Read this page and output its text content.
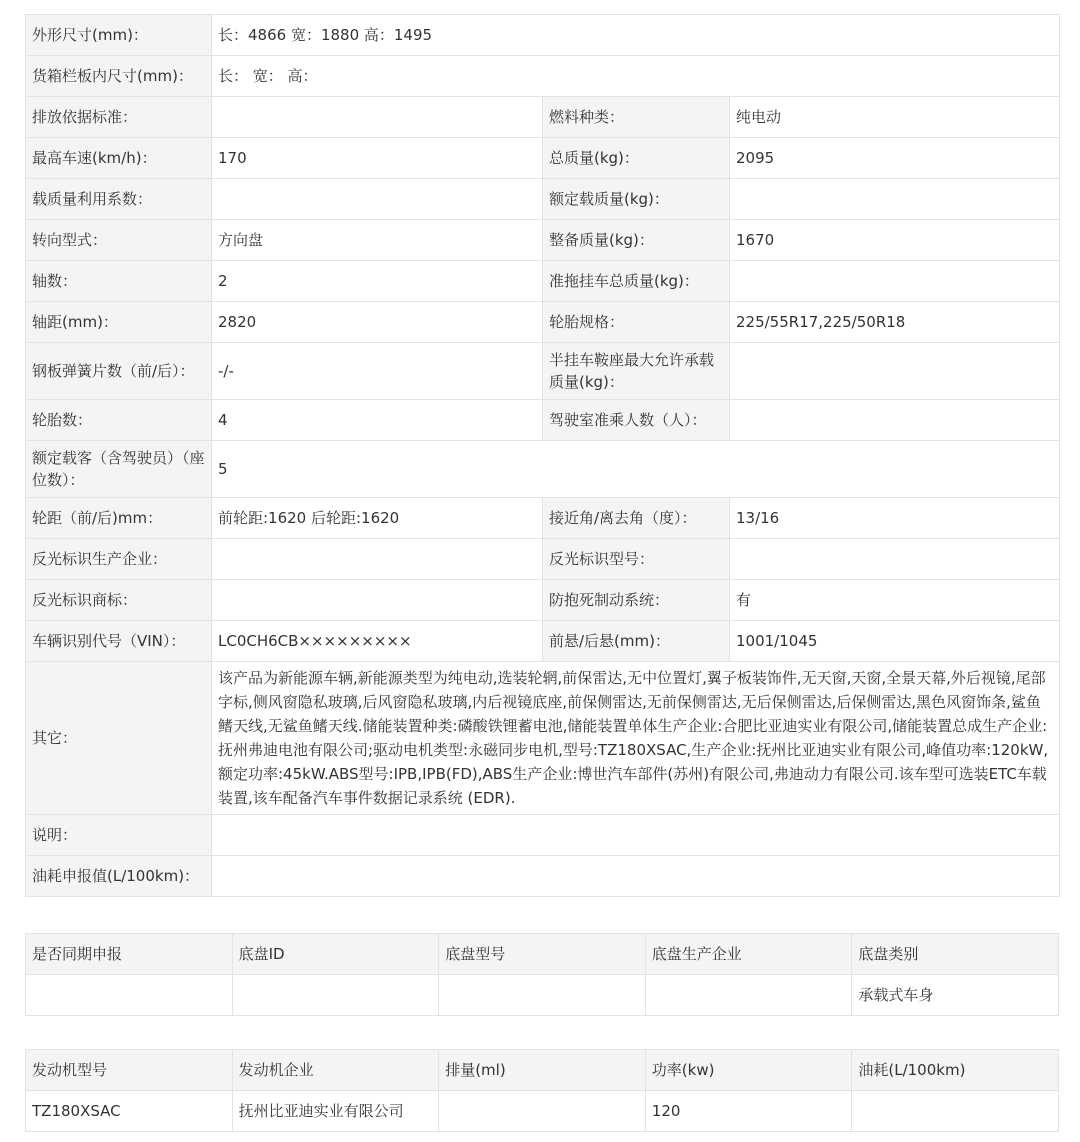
外形尺寸(mm)：	长：4866 宽：1880 高：1495		
货箱栏板内尺寸(mm)：	长： 宽： 高：		
排放依据标准：		燃料种类：	纯电动
最高车速(km/h)：	170	总质量(kg)：	2095
载质量利用系数：		额定载质量(kg)：	
转向型式：	方向盘	整备质量(kg)：	1670
轴数：	2	准拖挂车总质量(kg)：	
轴距(mm)：	2820	轮胎规格：	225/55R17,225/50R18
钢板弹簧片数（前/后）：	-/-	半挂车鞍座最大允许承载质量(kg)：	
轮胎数：	4	驾驶室准乘人数（人）：	
额定载客（含驾驶员）（座位数）：	5		
轮距（前/后)mm：	前轮距:1620 后轮距:1620	接近角/离去角（度）：	13/16
反光标识生产企业：		反光标识型号：	
反光标识商标：		防抱死制动系统：	有
车辆识别代号（VIN）：	LC0CH6CB×××××××××	前悬/后悬(mm)：	1001/1045
其它：	该产品为新能源车辆,新能源类型为纯电动,选装轮辋,前保雷达,无中位置灯,翼子板装饰件,无天窗,天窗,全景天幕,外后视镜,尾部字标,侧风窗隐私玻璃,后风窗隐私玻璃,内后视镜底座,前保侧雷达,无前保侧雷达,无后保侧雷达,后保侧雷达,黑色风窗饰条,鲨鱼鳍天线,无鲨鱼鳍天线.储能装置种类:磷酸铁锂蓄电池,储能装置单体生产企业:合肥比亚迪实业有限公司,储能装置总成生产企业:抚州弗迪电池有限公司;驱动电机类型:永磁同步电机,型号:TZ180XSAC,生产企业:抚州比亚迪实业有限公司,峰值功率:120kW,额定功率:45kW.ABS型号:IPB,IPB(FD),ABS生产企业:博世汽车部件(苏州)有限公司,弗迪动力有限公司.该车型可选装ETC车载装置,该车配备汽车事件数据记录系统 (EDR).		
说明：			
油耗申报值(L/100km)：			
是否同期申报	底盘ID	底盘型号	底盘生产企业	底盘类别
				承载式车身
发动机型号	发动机企业	排量(ml)	功率(kw)	油耗(L/100km)
TZ180XSAC	抚州比亚迪实业有限公司		120	
